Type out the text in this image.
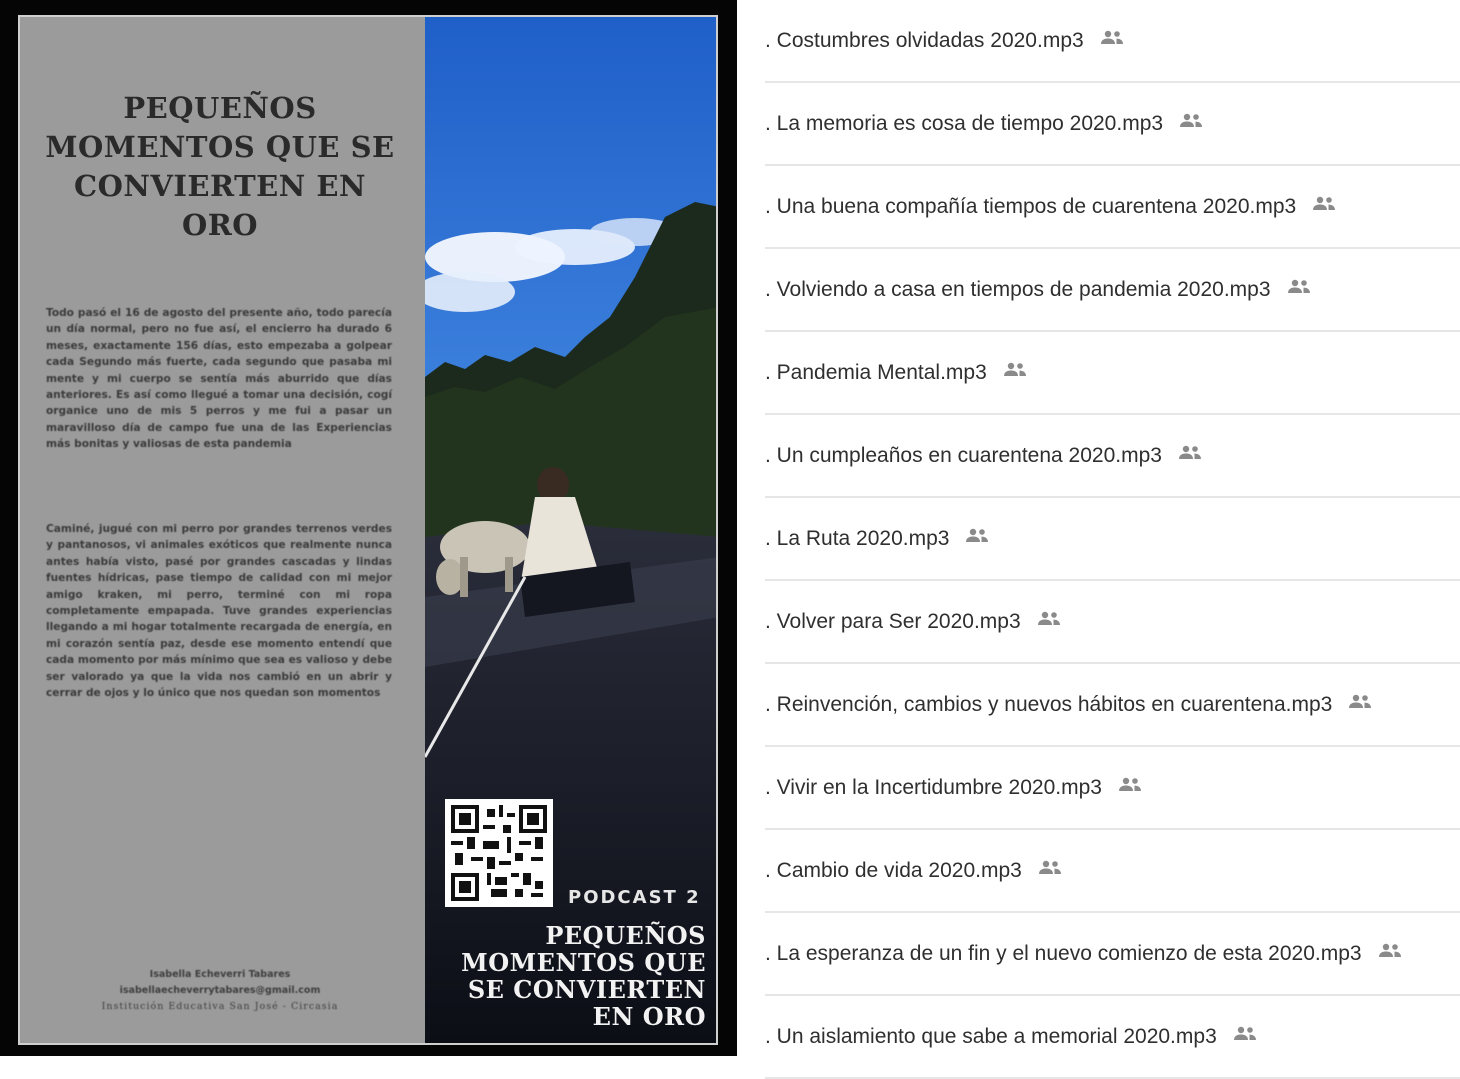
PEQUEÑOS MOMENTOS QUE SE CONVIERTEN EN ORO

Todo pasó el 16 de agosto del presente año, todo parecía un día normal, pero no fue así, el encierro ha durado 6 meses, exactamente 156 días, esto empezaba a golpear cada Segundo más fuerte, cada segundo que pasaba mi mente y mi cuerpo se sentía más aburrido que días anteriores. Es así como llegué a tomar una decisión, cogí organice uno de mis 5 perros y me fui a pasar un maravilloso día de campo fue una de las Experiencias más bonitas y valiosas de esta pandemia

Caminé, jugué con mi perro por grandes terrenos verdes y pantanosos, vi animales exóticos que realmente nunca antes había visto, pasé por grandes cascadas y lindas fuentes hídricas, pase tiempo de calidad con mi mejor amigo kraken, mi perro, terminé con mi ropa completamente empapada. Tuve grandes experiencias llegando a mi hogar totalmente recargada de energía, en mi corazón sentía paz, desde ese momento entendí que cada momento por más mínimo que sea es valioso y debe ser valorado ya que la vida nos cambió en un abrir y cerrar de ojos y lo único que nos quedan son momentos

Isabella Echeverri Tabares
isabellaecheverrytabares@gmail.com
Institución Educativa San José - Circasia

PODCAST 2

PEQUEÑOS MOMENTOS QUE SE CONVIERTEN EN ORO
. Costumbres olvidadas 2020.mp3
. La memoria es cosa de tiempo 2020.mp3
. Una buena compañía tiempos de cuarentena 2020.mp3
. Volviendo a casa en tiempos de pandemia 2020.mp3
. Pandemia Mental.mp3
. Un cumpleaños en cuarentena 2020.mp3
. La Ruta 2020.mp3
. Volver para Ser 2020.mp3
. Reinvención, cambios y nuevos hábitos en cuarentena.mp3
. Vivir en la Incertidumbre 2020.mp3
. Cambio de vida 2020.mp3
. La esperanza de un fin y el nuevo comienzo de esta 2020.mp3
. Un aislamiento que sabe a memorial 2020.mp3
